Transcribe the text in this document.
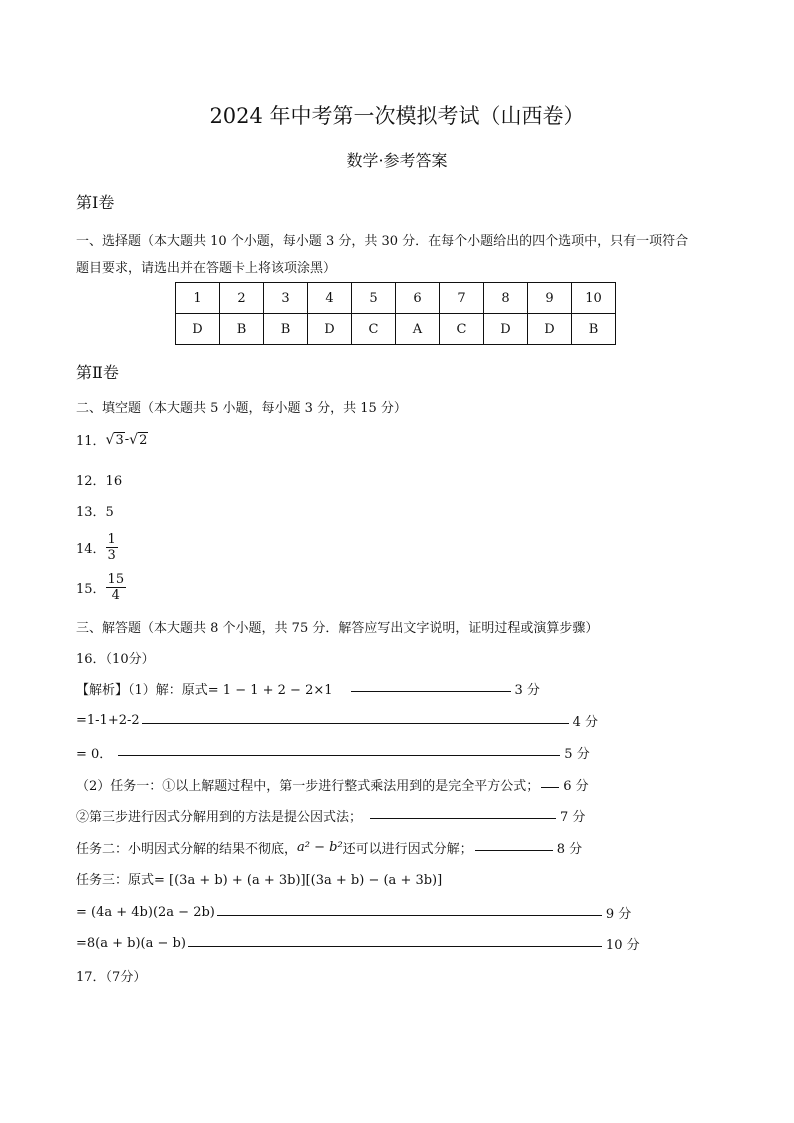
2024 年中考第一次模拟考试（山西卷）
数学·参考答案
第Ⅰ卷
一、选择题（本大题共 10 个小题，每小题 3 分，共 30 分．在每个小题给出的四个选项中，只有一项符合
题目要求，请选出并在答题卡上将该项涂黑）
1	2	3	4	5	6	7	8	9	10
D	B	B	D	C	A	C	D	D	B
第Ⅱ卷
二、填空题（本大题共 5 小题，每小题 3 分，共 15 分）
11． √ 3 - √ 2
12．16
13．5
14． $\frac{1}{3}$
15． $\frac{15}{4}$
三、解答题（本大题共 8 个小题，共 75 分．解答应写出文字说明，证明过程或演算步骤）
16．（10分）
【解析】（1）解：原式= 1 − 1 + 2 − 2×1	3 分
=1-1+2-2	4 分
= 0．	5 分
（2）任务一：①以上解题过程中，第一步进行整式乘法用到的是完全平方公式； 6 分
②第三步进行因式分解用到的方法是提公因式法；	7 分
任务二：小明因式分解的结果不彻底， a² − b² 还可以进行因式分解；	8 分
任务三：原式= [(3a + b) + (a + 3b)][(3a + b) − (a + 3b)]
= (4a + 4b)(2a − 2b)	9 分
=8(a + b)(a − b)	10 分
17．（7分）
